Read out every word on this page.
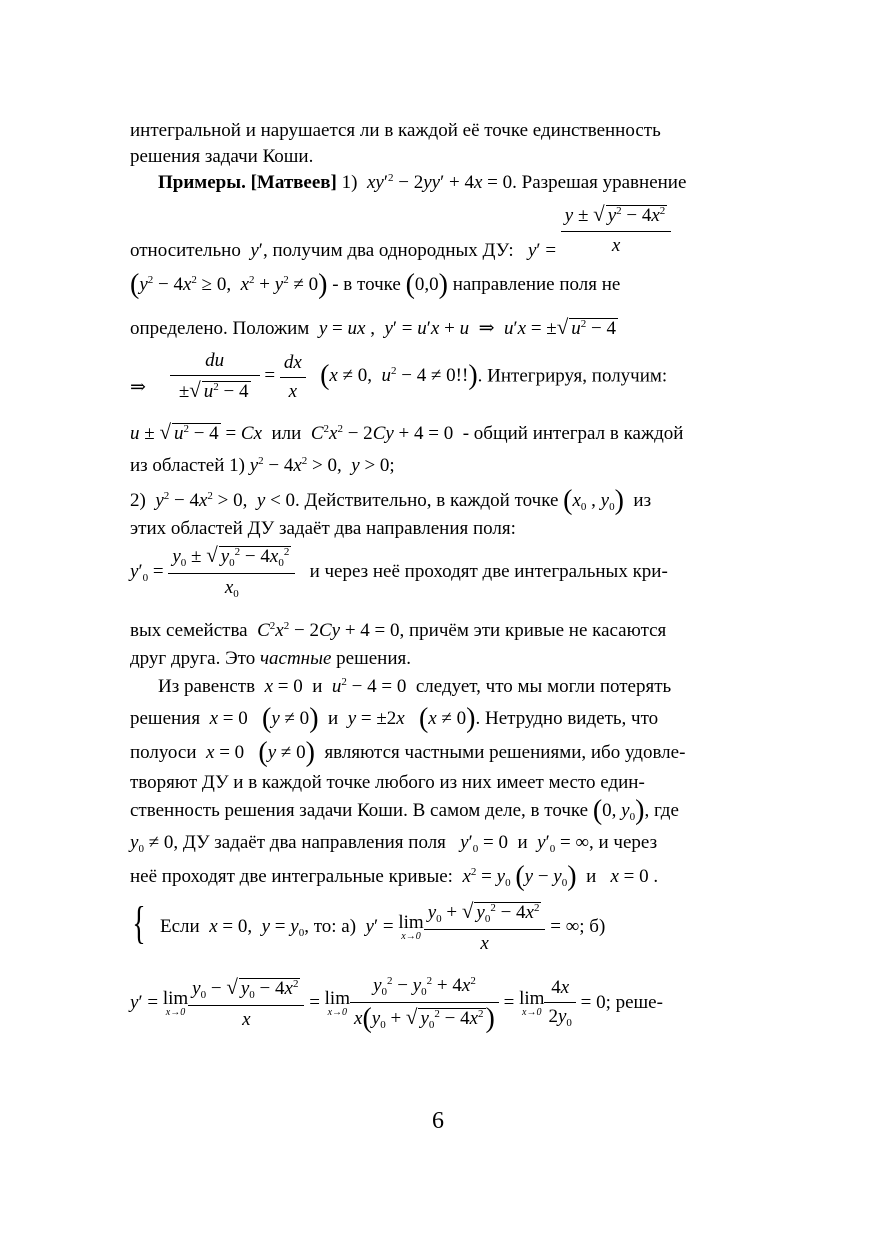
интегральной и нарушается ли в каждой её точке единственность
решения задачи Коши.
Примеры. [Матвеев] 1)  $xy'^2 - 2yy' + 4x = 0$. Разрешая уравнение
относительно y′, получим два однородных ДУ: $y' = \frac{y \pm √ y^2 - 4x^2}{x}$
($y^2 - 4x^2 \ge 0$,  $x^2 + y^2 \ne 0) - в$ точке (0,0) направление поля не
определено. Положим y = ux ,  y′ = u′x + u  ⇒  u′x = ±√ $u^2 - 4$
⇒ $\frac{du}{\pm√ u^2 - 4} = \frac{dx}{x} (x \ne 0$,  $u^2 - 4 \ne 0$!!). Интегрируя, получим:
u ± √ $u^2 - 4 = Cx$ или $C^2x^2 - 2Cy + 4 = 0$  - общий интеграл в каждой
из областей 1) $y^2 - 4x^2 > 0$,  y > 0;
2)  $y^2 - 4x^2 > 0$,  y < 0. Действительно, в каждой точке ($x_0$ , $y_0$) из
этих областей ДУ задаёт два направления поля:
$y'_0 = \frac{y_0 \pm √ y_0^2 - 4x_0^2}{x_0}$ и через неё проходят две интегральных кри-
вых семейства $C^2x^2 - 2Cy + 4 = 0$, причём эти кривые не касаются
друг друга. Это частные решения.
Из равенств x = 0  и $u^2 - 4 = 0$  следует, что мы могли потерять
решения x = 0   (y ≠ 0) и y = ±2x (x ≠ 0). Нетрудно видеть, что
полуоси x = 0   (y ≠ 0) являются частными решениями, ибо удовле-
творяют ДУ и в каждой точке любого из них имеет место един-
ственность решения задачи Коши. В самом деле, в точке (0, $y_0$), где
$y_0 \ne 0$, ДУ задаёт два направления поля $y'_0 = 0$  и $y'_0$ = ∞, и через
неё проходят две интегральные кривые: $x^2 = y_0$ $(y - y_0)$ и x = 0 .
{ Если x = 0,  $y = y_0$, то: а) y′ = lim
$x\to 0 \frac{y_0 + √ y_0^2 - 4x^2}{x}$ = ∞; б)
y′ = lim
$x\to 0 \frac{y_0 - √ y_0 - 4x^2}{x} = \lim$
$x\to 0 \frac{y_0^2 - y_0^2 + 4x^2}{x(y_0 + √ y_0^2 - 4x^2)} = \lim$
$x\to 0 \frac{4x}{2y_0} = 0$; реше-
6
